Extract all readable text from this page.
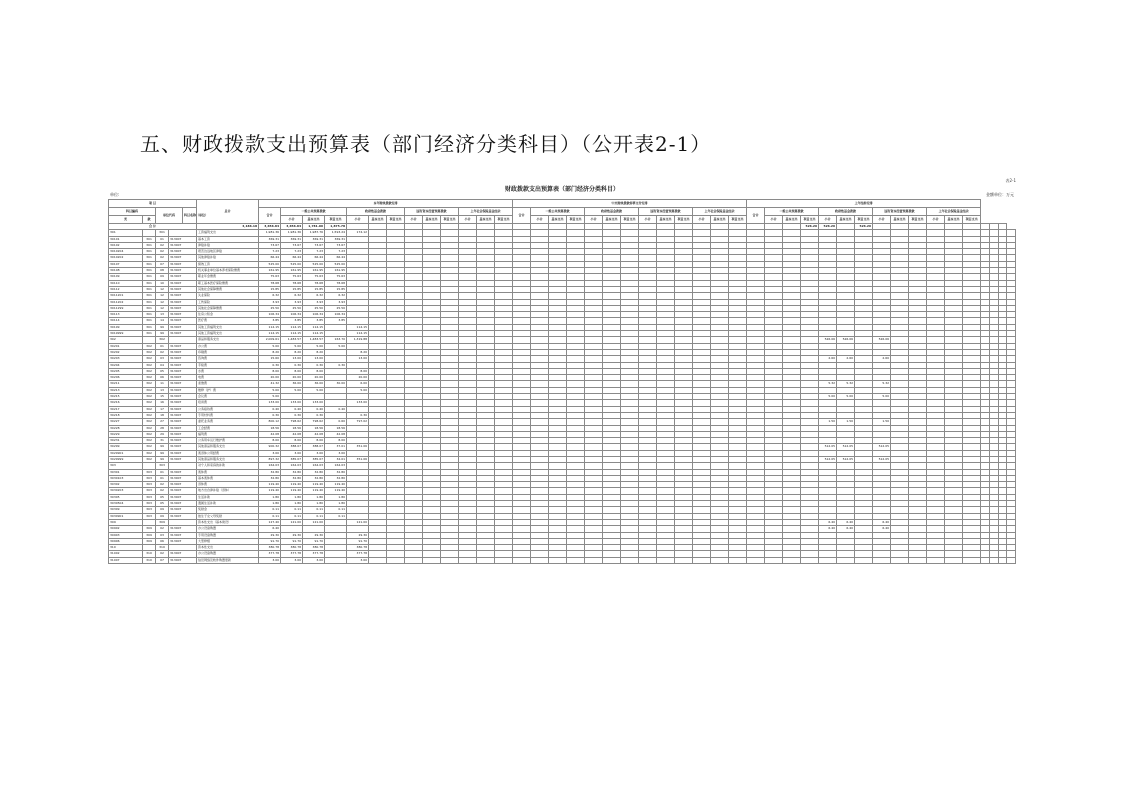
五、财政拨款支出预算表（部门经济分类科目）（公开表2-1）
表2-1
财政拨款支出预算表（部门经济分类科目）
单位:	金额单位：万元
项 目					总计	本年财政拨款安排													中央财政拨款转移支付安排													上年结转安排																
科目编码		单位代码		科目名称（单位）		合计	一般公共预算拨款			政府性基金拨款			国有资本经营预算拨款			上年社会保险基金结余			合计	一般公共预算拨款			政府性基金拨款			国有资本经营预算拨款			上年社会保险基金结余			合计	一般公共预算拨款			政府性基金拨款			国有资本经营预算拨款			上年社会保险基金结余						
类	款						小计	基本支出	项目支出	小计	基本支出	项目支出	小计	基本支出	项目支出	小计	基本支出	项目支出		小计	基本支出	项目支出	小计	基本支出	项目支出	小计	基本支出	项目支出	小计	基本支出	项目支出		小计	基本支出	项目支出	小计	基本支出	项目支出	小计	基本支出	项目支出	小计	基本支出	项目支出				
合 计					4,186.18	3,656.84	3,656.84	1,781.06	1,875.78																										526.26	526.26		526.26										
301		301			工资福利支出	1,981.36	1,981.36	1,987.76	1,593.24	174.12																																						
30101	301	01	313007		基本工资	369.31	369.31	369.31	369.31																																							
30102	301	02	313007		津贴补贴	73.67	73.67	73.67	73.67																																							
3010204	301	02	313007		艰苦边远地区津贴	7.23	7.23	7.23	7.23																																							
3010202	301	02	313007		其他津贴补贴	66.44	66.44	66.44	66.44																																							
30107	301	07	313007		绩效工资	525.00	525.00	525.00	525.00																																							
30108	301	08	313007		机关事业单位基本养老保险缴费	161.95	161.95	161.95	161.95																																							
30109	301	09	313007		职业年金缴费	75.63	75.63	75.63	75.63																																							
30110	301	10	313007		职工基本医疗保险缴费	78.68	78.68	78.68	78.68																																							
30112	301	12	313007		其他社会保障缴费	15.85	15.85	15.85	15.85																																							
3011201	301	12	313007		失业保险	6.32	6.32	6.32	6.32																																							
3011202	301	12	313007		工伤保险	3.93	3.93	3.93	3.93																																							
3011299	301	12	313007		其他社会保障缴费	25.50	25.50	25.50	25.50																																							
30113	301	13	313007		住房公积金	106.34	106.34	106.34	106.34																																							
30114	301	14	313007		医疗费	3.85	3.85	3.85	3.85																																							
30199	301	99	313007		其他工资福利支出	114.15	114.15	114.15		114.15																																						
3019999	301	99	313007		其他工资福利支出	114.15	114.15	114.15		114.15																																						
302		302			商品和服务支出	2,009.61	1,483.57	1,483.57	163.70	1,319.88																										526.06	526.06		526.06									
30201	302	01	313007		办公费	5.00	5.00	5.00	5.00																																							
30202	302	02	313007		印刷费	8.20	8.20	8.20		8.20																																						
30203	302	03	313007		咨询费	15.60	13.00	13.00		13.00																										2.60	2.60		2.60									
30204	302	04	313007		手续费	0.30	0.30	0.30	0.30																																							
30205	302	05	313007		水费	8.00	8.00	8.00		8.00																																						
30206	302	06	313007		电费	20.00	20.00	20.00		20.00																																						
30211	302	11	313007		差旅费	41.32	36.00	36.00	30.00	6.00																										5.32	5.32		5.32									
30213	302	13	313007		维修（护）费	5.00	5.00	5.00		5.00																																						
30215	302	15	313007		会议费	5.00																														5.00	5.00		5.00									
30216	302	16	313007		培训费	133.00	133.00	133.00		133.00																																						
30217	302	17	313007		公务接待费	0.40	0.40	0.40	0.40																																							
30218	302	18	313007		专用材料费	0.30	0.30	0.30		0.30																																						
30227	302	27	313007		委托业务费	800.12	798.62	798.62	0.60	797.02																										1.50	1.50		1.50									
30228	302	28	313007		工会经费	18.56	18.56	18.56	18.56																																							
30229	302	29	313007		福利费	42.08	42.08	42.08	42.08																																							
30231	302	31	313007		公务用车运行维护费	8.00	8.00	8.00	8.00																																							
30299	302	99	313007		其他商品和服务支出	900.32	388.07	388.07	37.01	351.06																										512.05	512.05		512.05									
3029901	302	99	313007		离退休公用经费	3.00	3.00	3.00	3.00																																							
3029999	302	99	313007		其他商品和服务支出	897.32	385.07	385.07	34.01	351.06																										512.05	512.05		512.05									
303		303			对个人和家庭的补助	164.03	164.03	164.03	164.03																																							
30301	303	01	313007		离休费	32.80	32.80	32.80	32.80																																							
3030103	303	01	313007		基本离休费	32.80	32.80	32.80	32.80																																							
30302	303	02	313007		退休费	119.40	119.40	119.40	119.40																																							
3030203	303	02	313007		地方出台津补贴（退休）	119.40	119.40	119.40	119.40																																							
30305	303	05	313007		生活补助	1.80	1.80	1.80	1.80																																							
3030504	303	05	313007		遗属生活补助	1.80	1.80	1.80	1.80																																							
30309	303	09	313007		奖励金	0.11	0.11	0.11	0.11																																							
3030901	303	09	313007		独生子女父母奖励	0.11	0.11	0.11	0.11																																							
309		309			资本性支出（基本建设）	127.40	121.00	121.00		121.00																										6.40	6.40		6.40									
30902	309	02	313007		办公设备购置	6.40																														6.40	6.40		6.40									
30903	309	03	313007		专用设备购置	29.30	29.30	29.30		29.30																																						
30906	309	06	313007		大型修缮	91.70	91.70	91.70		91.70																																						
310		310			资本性支出	380.78	380.78	380.78		380.78																																						
31002	310	02	313007		办公设备购置	377.78	377.78	377.78		377.78																																						
31007	310	07	313007		信息网络及软件购置更新	3.00	3.00	3.00		3.00																																						
